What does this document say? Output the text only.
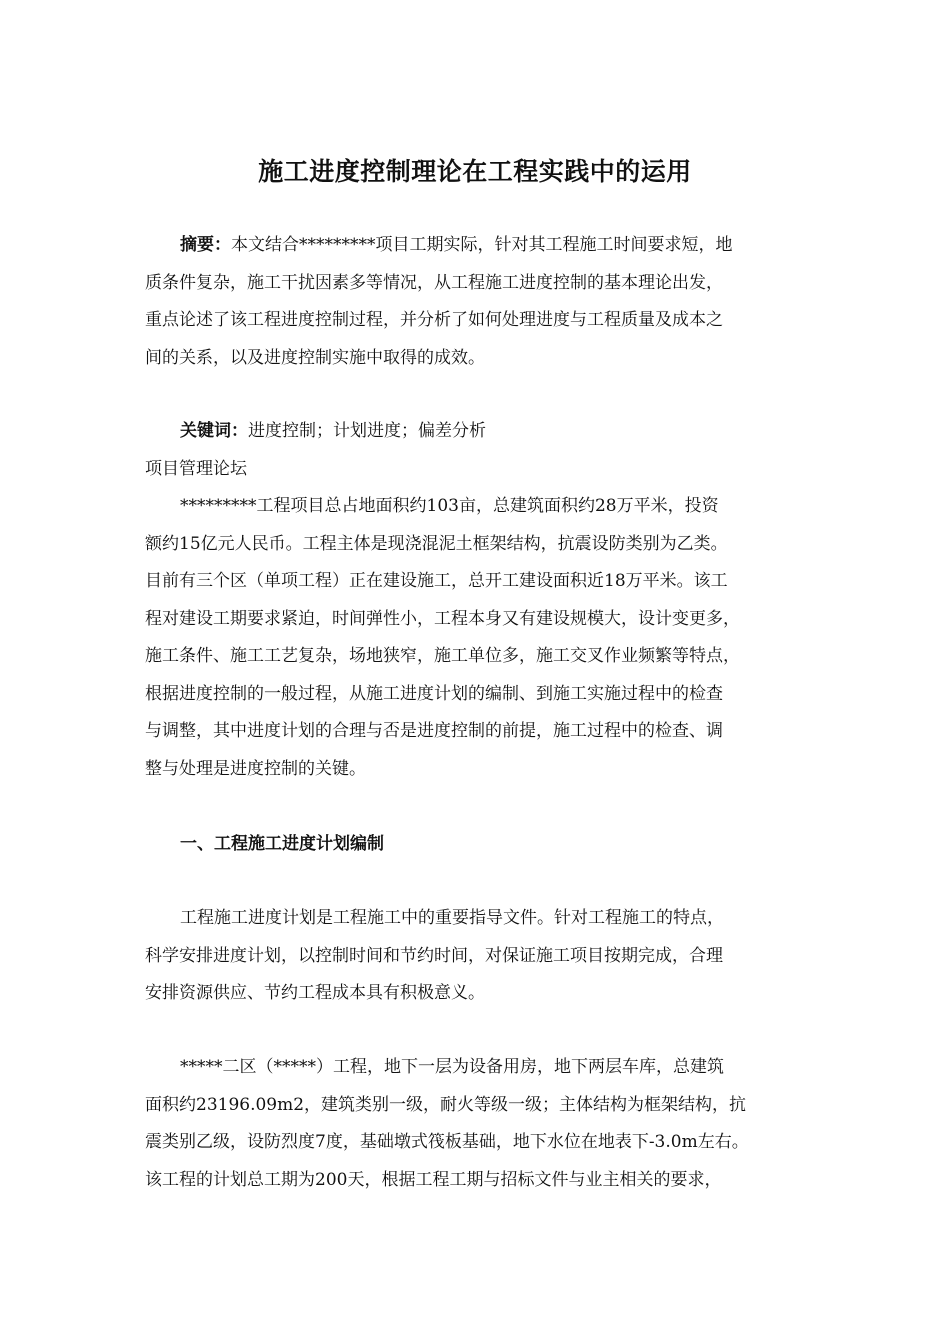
施工进度控制理论在工程实践中的运用
摘要：本文结合*********项目工期实际，针对其工程施工时间要求短，地
质条件复杂，施工干扰因素多等情况，从工程施工进度控制的基本理论出发，
重点论述了该工程进度控制过程，并分析了如何处理进度与工程质量及成本之
间的关系，以及进度控制实施中取得的成效。
关键词：进度控制；计划进度；偏差分析
项目管理论坛
*********工程项目总占地面积约103亩，总建筑面积约28万平米，投资
额约15亿元人民币。工程主体是现浇混泥土框架结构，抗震设防类别为乙类。
目前有三个区（单项工程）正在建设施工，总开工建设面积近18万平米。该工
程对建设工期要求紧迫，时间弹性小，工程本身又有建设规模大，设计变更多，
施工条件、施工工艺复杂，场地狭窄，施工单位多，施工交叉作业频繁等特点，
根据进度控制的一般过程，从施工进度计划的编制、到施工实施过程中的检查
与调整，其中进度计划的合理与否是进度控制的前提，施工过程中的检查、调
整与处理是进度控制的关键。
一、工程施工进度计划编制
工程施工进度计划是工程施工中的重要指导文件。针对工程施工的特点，
科学安排进度计划，以控制时间和节约时间，对保证施工项目按期完成，合理
安排资源供应、节约工程成本具有积极意义。
*****二区（*****）工程，地下一层为设备用房，地下两层车库，总建筑
面积约23196.09m2，建筑类别一级，耐火等级一级；主体结构为框架结构，抗
震类别乙级，设防烈度7度，基础墩式筏板基础，地下水位在地表下-3.0m左右。
该工程的计划总工期为200天，根据工程工期与招标文件与业主相关的要求，
